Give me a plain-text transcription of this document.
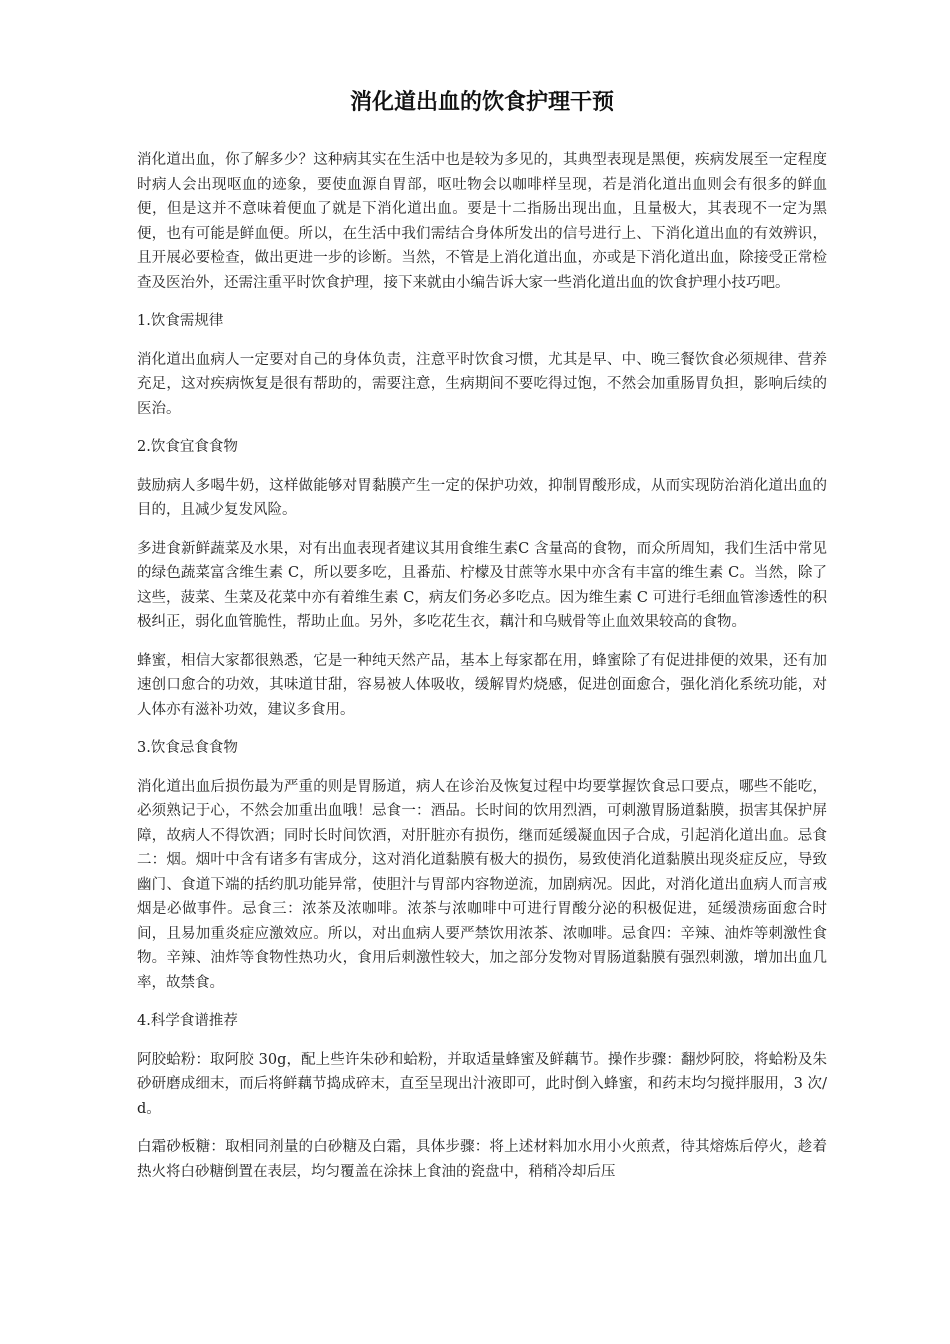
消化道出血的饮食护理干预

消化道出血，你了解多少？这种病其实在生活中也是较为多见的，其典型表现是黑便，疾病发展至一定程度时病人会出现呕血的迹象，要使血源自胃部，呕吐物会以咖啡样呈现，若是消化道出血则会有很多的鲜血便，但是这并不意味着便血了就是下消化道出血。要是十二指肠出现出血，且量极大，其表现不一定为黑便，也有可能是鲜血便。所以，在生活中我们需结合身体所发出的信号进行上、下消化道出血的有效辨识，且开展必要检查，做出更进一步的诊断。当然，不管是上消化道出血，亦或是下消化道出血，除接受正常检查及医治外，还需注重平时饮食护理，接下来就由小编告诉大家一些消化道出血的饮食护理小技巧吧。

1.饮食需规律

消化道出血病人一定要对自己的身体负责，注意平时饮食习惯，尤其是早、中、晚三餐饮食必须规律、营养充足，这对疾病恢复是很有帮助的，需要注意，生病期间不要吃得过饱，不然会加重肠胃负担，影响后续的医治。

2.饮食宜食食物

鼓励病人多喝牛奶，这样做能够对胃黏膜产生一定的保护功效，抑制胃酸形成，从而实现防治消化道出血的目的，且减少复发风险。

多进食新鲜蔬菜及水果，对有出血表现者建议其用食维生素C 含量高的食物，而众所周知，我们生活中常见的绿色蔬菜富含维生素 C，所以要多吃，且番茄、柠檬及甘蔗等水果中亦含有丰富的维生素 C。当然，除了这些，菠菜、生菜及花菜中亦有着维生素 C，病友们务必多吃点。因为维生素 C 可进行毛细血管渗透性的积极纠正，弱化血管脆性，帮助止血。另外，多吃花生衣，藕汁和乌贼骨等止血效果较高的食物。

蜂蜜，相信大家都很熟悉，它是一种纯天然产品，基本上每家都在用，蜂蜜除了有促进排便的效果，还有加速创口愈合的功效，其味道甘甜，容易被人体吸收，缓解胃灼烧感，促进创面愈合，强化消化系统功能，对人体亦有滋补功效，建议多食用。

3.饮食忌食食物

消化道出血后损伤最为严重的则是胃肠道，病人在诊治及恢复过程中均要掌握饮食忌口要点，哪些不能吃，必须熟记于心，不然会加重出血哦！忌食一：酒品。长时间的饮用烈酒，可刺激胃肠道黏膜，损害其保护屏障，故病人不得饮酒；同时长时间饮酒，对肝脏亦有损伤，继而延缓凝血因子合成，引起消化道出血。忌食二：烟。烟叶中含有诸多有害成分，这对消化道黏膜有极大的损伤，易致使消化道黏膜出现炎症反应，导致幽门、食道下端的括约肌功能异常，使胆汁与胃部内容物逆流，加剧病况。因此，对消化道出血病人而言戒烟是必做事件。忌食三：浓茶及浓咖啡。浓茶与浓咖啡中可进行胃酸分泌的积极促进，延缓溃疡面愈合时间，且易加重炎症应激效应。所以，对出血病人要严禁饮用浓茶、浓咖啡。忌食四：辛辣、油炸等刺激性食物。辛辣、油炸等食物性热功火，食用后刺激性较大，加之部分发物对胃肠道黏膜有强烈刺激，增加出血几率，故禁食。

4.科学食谱推荐

阿胶蛤粉：取阿胶 30g，配上些许朱砂和蛤粉，并取适量蜂蜜及鲜藕节。操作步骤：翻炒阿胶，将蛤粉及朱砂研磨成细末，而后将鲜藕节捣成碎末，直至呈现出汁液即可，此时倒入蜂蜜，和药末均匀搅拌服用，3 次/d。

白霜砂板糖：取相同剂量的白砂糖及白霜，具体步骤：将上述材料加水用小火煎煮，待其熔炼后停火，趁着热火将白砂糖倒置在表层，均匀覆盖在涂抹上食油的瓷盘中，稍稍冷却后压
